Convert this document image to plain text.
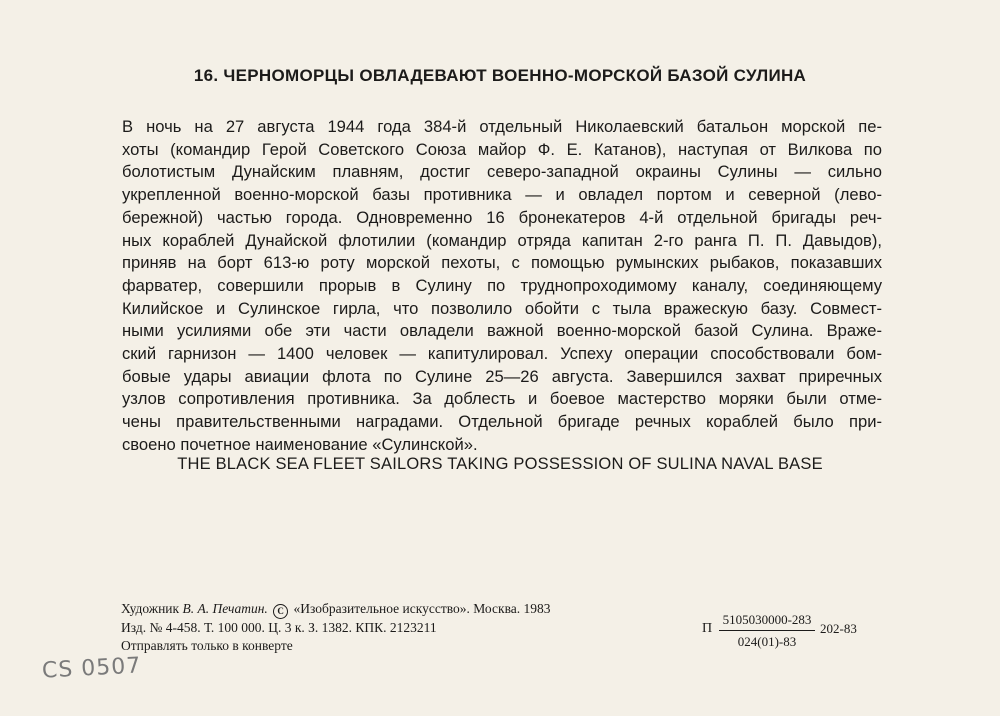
16. ЧЕРНОМОРЦЫ ОВЛАДЕВАЮТ ВОЕННО-МОРСКОЙ БАЗОЙ СУЛИНА
В ночь на 27 августа 1944 года 384-й отдельный Николаевский батальон морской пе-
хоты (командир Герой Советского Союза майор Ф. Е. Катанов), наступая от Вилкова по
болотистым Дунайским плавням, достиг северо-западной окраины Сулины — сильно
укрепленной военно-морской базы противника — и овладел портом и северной (лево-
бережной) частью города. Одновременно 16 бронекатеров 4-й отдельной бригады реч-
ных кораблей Дунайской флотилии (командир отряда капитан 2-го ранга П. П. Давыдов),
приняв на борт 613-ю роту морской пехоты, с помощью румынских рыбаков, показавших
фарватер, совершили прорыв в Сулину по труднопроходимому каналу, соединяющему
Килийское и Сулинское гирла, что позволило обойти с тыла вражескую базу. Совмест-
ными усилиями обе эти части овладели важной военно-морской базой Сулина. Враже-
ский гарнизон — 1400 человек — капитулировал. Успеху операции способствовали бом-
бовые удары авиации флота по Сулине 25—26 августа. Завершился захват приречных
узлов сопротивления противника. За доблесть и боевое мастерство моряки были отме-
чены правительственными наградами. Отдельной бригаде речных кораблей было при-
своено почетное наименование «Сулинской».
THE BLACK SEA FLEET SAILORS TAKING POSSESSION OF SULINA NAVAL BASE
Художник В. А. Печатин. C «Изобразительное искусство». Москва. 1983
Изд. № 4-458. Т. 100 000. Ц. 3 к. З. 1382. КПК. 2123211
Отправлять только в конверте
П
5105030000-283
024(01)-83
202-83
CS 0507
